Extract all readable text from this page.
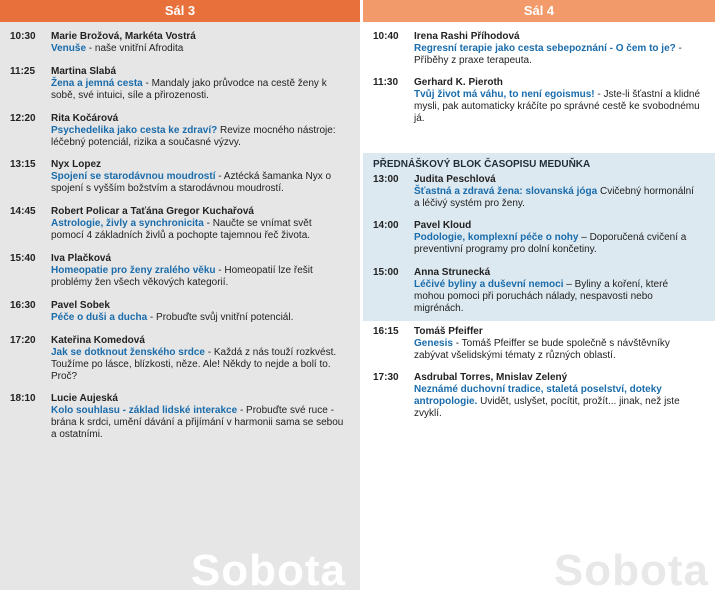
Sál 3
10:30 Marie Brožová, Markéta Vostrá
Venuše - naše vnitřní Afrodita
11:25 Martina Slabá
Žena a jemná cesta - Mandaly jako průvodce na cestě ženy k sobě, své intuici, síle a přirozenosti.
12:20 Rita Kočárová
Psychedelika jako cesta ke zdraví? Revize mocného nástroje: léčebný potenciál, rizika a současné výzvy.
13:15 Nyx Lopez
Spojení se starodávnou moudrostí - Aztécká šamanka Nyx o spojení s vyšším božstvím a starodávnou moudrostí.
14:45 Robert Policar a Taťána Gregor Kuchařová
Astrologie, živly a synchronicita - Naučte se vnímat svět pomocí 4 základních živlů a pochopte tajemnou řeč života.
15:40 Iva Plačková
Homeopatie pro ženy zralého věku - Homeopatií lze řešit problémy žen všech věkových kategorií.
16:30 Pavel Sobek
Péče o duši a ducha - Probuďte svůj vnitřní potenciál.
17:20 Kateřina Komedová
Jak se dotknout ženského srdce - Každá z nás touží rozkvést. Toužíme po lásce, blízkosti, něze. Ale! Někdy to nejde a bolí to. Proč?
18:10 Lucie Aujeská
Kolo souhlasu - základ lidské interakce - Probuďte své ruce - brána k srdci, umění dávání a přijímání v harmonii sama se sebou a ostatními.
Sobota
Sál 4
PŘEDNÁŠKOVÝ BLOK ČASOPISU MEDUŇKA
10:40 Irena Rashi Příhodová
Regresní terapie jako cesta sebepoznání - O čem to je? - Příběhy z praxe terapeuta.
11:30 Gerhard K. Pieroth
Tvůj život má váhu, to není egoismus! - Jste-li šťastní a klidné mysli, pak automaticky kráčíte po správné cestě ke svobodnému já.
13:00 Judita Peschlová
Šťastná a zdravá žena: slovanská jóga Cvičebný hormonální a léčivý systém pro ženy.
14:00 Pavel Kloud
Podologie, komplexní péče o nohy – Doporučená cvičení a preventivní programy pro dolní končetiny.
15:00 Anna Strunecká
Léčivé byliny a duševní nemoci – Byliny a koření, které mohou pomoci při poruchách nálady, nespavosti nebo migrénách.
16:15 Tomáš Pfeiffer
Genesis - Tomáš Pfeiffer se bude společně s návštěvníky zabývat všelidskými tématy z různých oblastí.
17:30 Asdrubal Torres, Mnislav Zelený
Neznámé duchovní tradice, staletá poselství, doteky antropologie. Uvidět, uslyšet, pocítit, prožít... jinak, než jste zvyklí.
Sobota
